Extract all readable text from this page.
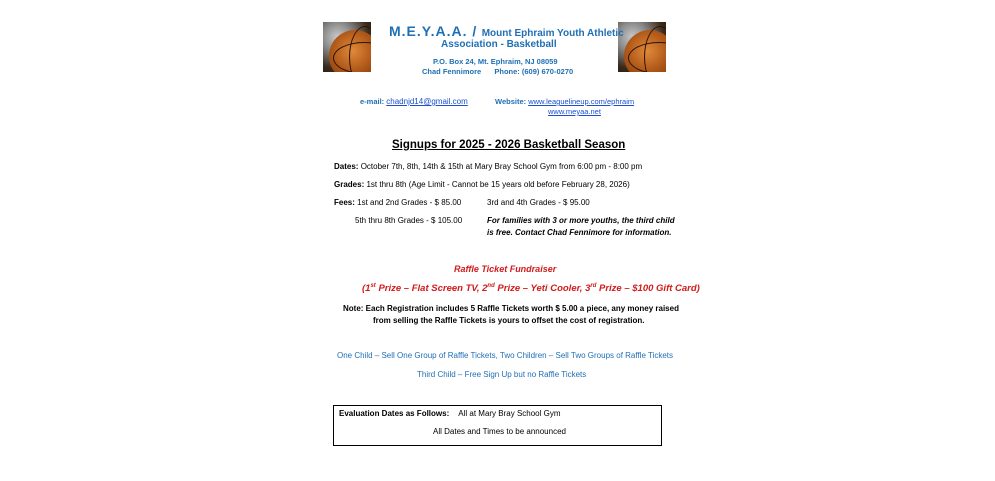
M.E.Y.A.A. / Mount Ephraim Youth Athletic
Association - Basketball
P.O. Box 24, Mt. Ephraim, NJ 08059
Chad Fennimore Phone: (609) 670-0270
e-mail: chadnjd14@gmail.com	Website: www.leaguelineup.com/ephraim
www.meyaa.net
Signups for 2025 - 2026 Basketball Season
Dates: October 7th, 8th, 14th & 15th at Mary Bray School Gym from 6:00 pm - 8:00 pm
Grades: 1st thru 8th (Age Limit - Cannot be 15 years old before February 28, 2026)
Fees: 1st and 2nd Grades - $ 85.00	3rd and 4th Grades - $ 95.00
5th thru 8th Grades - $ 105.00	For families with 3 or more youths, the third child
is free. Contact Chad Fennimore for information.
Raffle Ticket Fundraiser
(1st Prize – Flat Screen TV, 2nd Prize – Yeti Cooler, 3rd Prize – $100 Gift Card)
Note: Each Registration includes 5 Raffle Tickets worth $ 5.00 a piece, any money raised
from selling the Raffle Tickets is yours to offset the cost of registration.
One Child – Sell One Group of Raffle Tickets, Two Children – Sell Two Groups of Raffle Tickets
Third Child – Free Sign Up but no Raffle Tickets
Evaluation Dates as Follows: All at Mary Bray School Gym
All Dates and Times to be announced
